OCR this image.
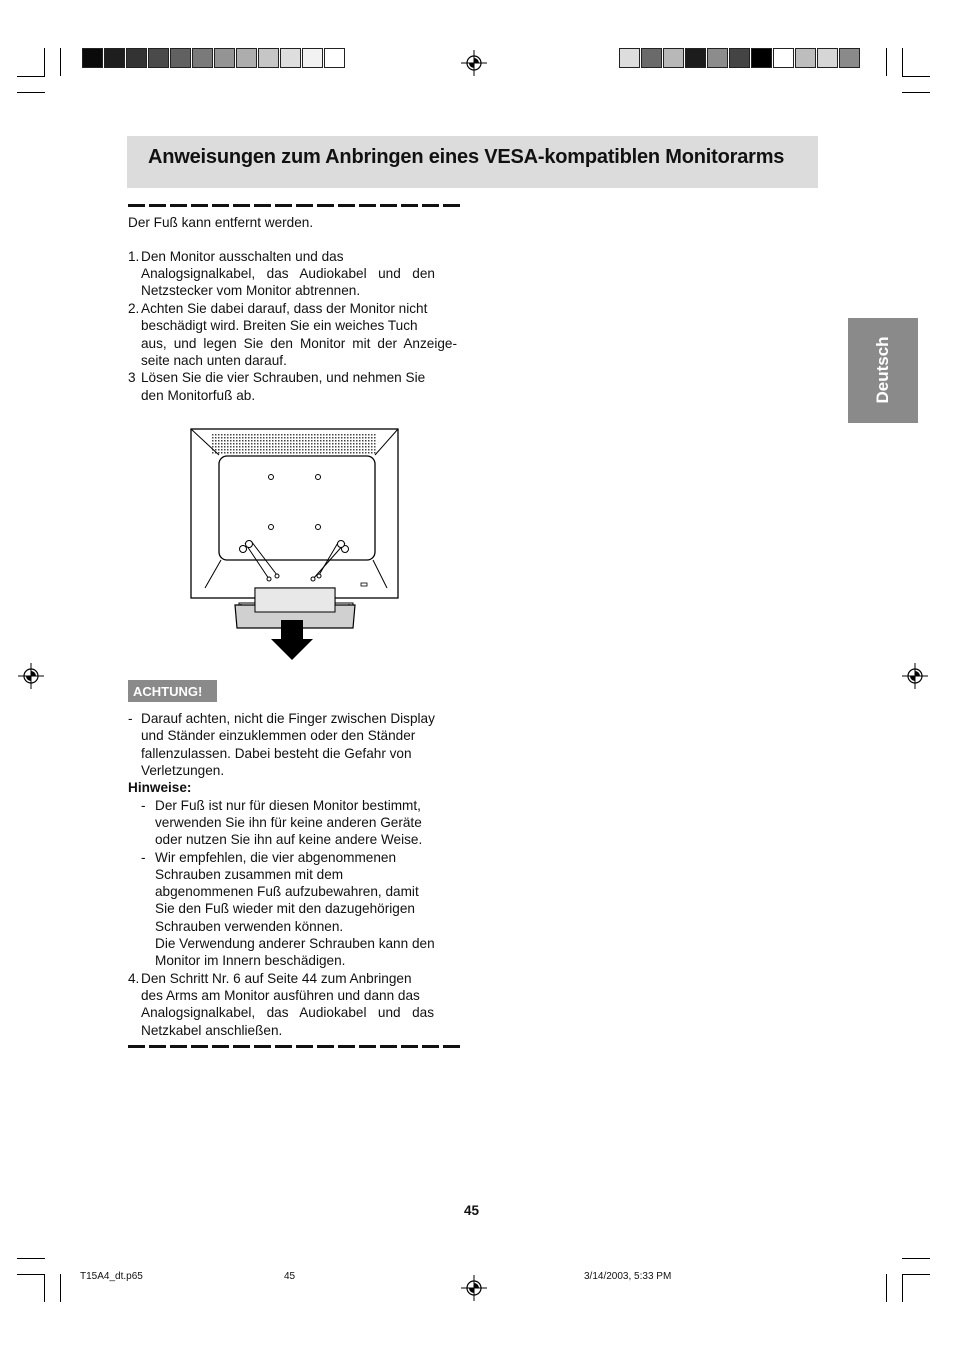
Anweisungen zum Anbringen eines VESA-kompatiblen Monitorarms
Deutsch
Der Fuß kann entfernt werden.
1. Den Monitor ausschalten und das
Analogsignalkabel, das Audiokabel und den
Netzstecker vom Monitor abtrennen.
2. Achten Sie dabei darauf, dass der Monitor nicht
beschädigt wird. Breiten Sie ein weiches Tuch
aus, und legen Sie den Monitor mit der Anzeige-
seite nach unten darauf.
3 Lösen Sie die vier Schrauben, und nehmen Sie
den Monitorfuß ab.
ACHTUNG!
- Darauf achten, nicht die Finger zwischen Display
und Ständer einzuklemmen oder den Ständer
fallenzulassen. Dabei besteht die Gefahr von
Verletzungen.
Hinweise:
- Der Fuß ist nur für diesen Monitor bestimmt,
verwenden Sie ihn für keine anderen Geräte
oder nutzen Sie ihn auf keine andere Weise.
- Wir empfehlen, die vier abgenommenen
Schrauben zusammen mit dem
abgenommenen Fuß aufzubewahren, damit
Sie den Fuß wieder mit den dazugehörigen
Schrauben verwenden können.
Die Verwendung anderer Schrauben kann den
Monitor im Innern beschädigen.
4. Den Schritt Nr. 6 auf Seite 44 zum Anbringen
des Arms am Monitor ausführen und dann das
Analogsignalkabel, das Audiokabel und das
Netzkabel anschließen.
45
T15A4_dt.p65	45	3/14/2003, 5:33 PM
